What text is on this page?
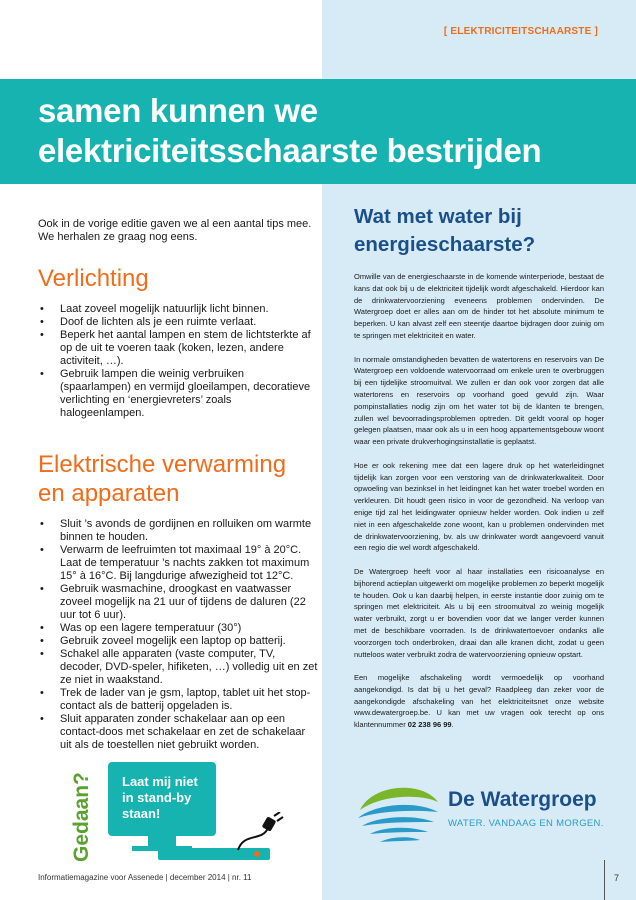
[ ELEKTRICITEITSCHAARSTE ]
samen kunnen we
elektriciteitsschaarste bestrijden
Ook in de vorige editie gaven we al een aantal tips mee.
We herhalen ze graag nog eens.
Verlichting
• Laat zoveel mogelijk natuurlijk licht binnen.
• Doof de lichten als je een ruimte verlaat.
• Beperk het aantal lampen en stem de lichtsterkte af op de uit te voeren taak (koken, lezen, andere activiteit, …).
• Gebruik lampen die weinig verbruiken (spaarlampen) en vermijd gloeilampen, decoratieve verlichting en ‘energievreters’ zoals halogeenlampen.
Elektrische verwarming
en apparaten
• Sluit ’s avonds de gordijnen en rolluiken om warmte binnen te houden.
• Verwarm de leefruimten tot maximaal 19° à 20°C. Laat de temperatuur ’s nachts zakken tot maximum 15° à 16°C. Bij langdurige afwezigheid tot 12°C.
• Gebruik wasmachine, droogkast en vaatwasser zoveel mogelijk na 21 uur of tijdens de daluren (22 uur tot 6 uur).
• Was op een lagere temperatuur (30°)
• Gebruik zoveel mogelijk een laptop op batterij.
• Schakel alle apparaten (vaste computer, TV, decoder, DVD-speler, hifiketen, …) volledig uit en zet ze niet in waakstand.
• Trek de lader van je gsm, laptop, tablet uit het stop-contact als de batterij opgeladen is.
• Sluit apparaten zonder schakelaar aan op een contact-doos met schakelaar en zet de schakelaar uit als de toestellen niet gebruikt worden.
Wat met water bij
energieschaarste?

Omwille van de energieschaarste in de komende winterperiode, bestaat de kans dat ook bij u de elektriciteit tijdelijk wordt afgeschakeld. Hierdoor kan de drinkwatervoorziening eveneens problemen ondervinden. De Watergroep doet er alles aan om de hinder tot het absolute minimum te beperken. U kan alvast zelf een steentje daartoe bijdragen door zuinig om te springen met elektriciteit en water.

In normale omstandigheden bevatten de watertorens en reservoirs van De Watergroep een voldoende watervoorraad om enkele uren te overbruggen bij een tijdelijke stroomuitval. We zullen er dan ook voor zorgen dat alle watertorens en reservoirs op voorhand goed gevuld zijn. Waar pompinstallaties nodig zijn om het water tot bij de klanten te brengen, zullen wel bevoorradingsproblemen optreden. Dit geldt vooral op hoger gelegen plaatsen, maar ook als u in een hoog appartementsgebouw woont waar een private drukverhogingsinstallatie is geplaatst.

Hoe er ook rekening mee dat een lagere druk op het waterleidingnet tijdelijk kan zorgen voor een verstoring van de drinkwaterkwaliteit. Door opwoeling van bezinksel in het leidingnet kan het water troebel worden en verkleuren. Dit houdt geen risico in voor de gezondheid. Na verloop van enige tijd zal het leidingwater opnieuw helder worden. Ook indien u zelf niet in een afgeschakelde zone woont, kan u problemen ondervinden met de drinkwatervoorziening, bv. als uw drinkwater wordt aangevoerd vanuit een regio die wel wordt afgeschakeld.

De Watergroep heeft voor al haar installaties een risicoanalyse en bijhorend actieplan uitgewerkt om mogelijke problemen zo beperkt mogelijk te houden. Ook u kan daarbij helpen, in eerste instantie door zuinig om te springen met elektriciteit. Als u bij een stroomuitval zo weinig mogelijk water verbruikt, zorgt u er bovendien voor dat we langer verder kunnen met de beschikbare voorraden. Is de drinkwatertoevoer ondanks alle voorzorgen toch onderbroken, draai dan alle kranen dicht, zodat u geen nutteloos water verbruikt zodra de watervoorziening opnieuw opstart.

Een mogelijke afschakeling wordt vermoedelijk op voorhand aangekondigd. Is dat bij u het geval? Raadpleeg dan zeker voor de aangekondigde afschakeling van het elektriciteitsnet onze website www.dewatergroep.be. U kan met uw vragen ook terecht op ons klantennummer 02 238 96 99.

De Watergroep
WATER. VANDAAG EN MORGEN.
Gedaan? Laat mij niet
in stand-by
staan!
Informatiemagazine voor Assenede | december 2014 | nr. 11	7
